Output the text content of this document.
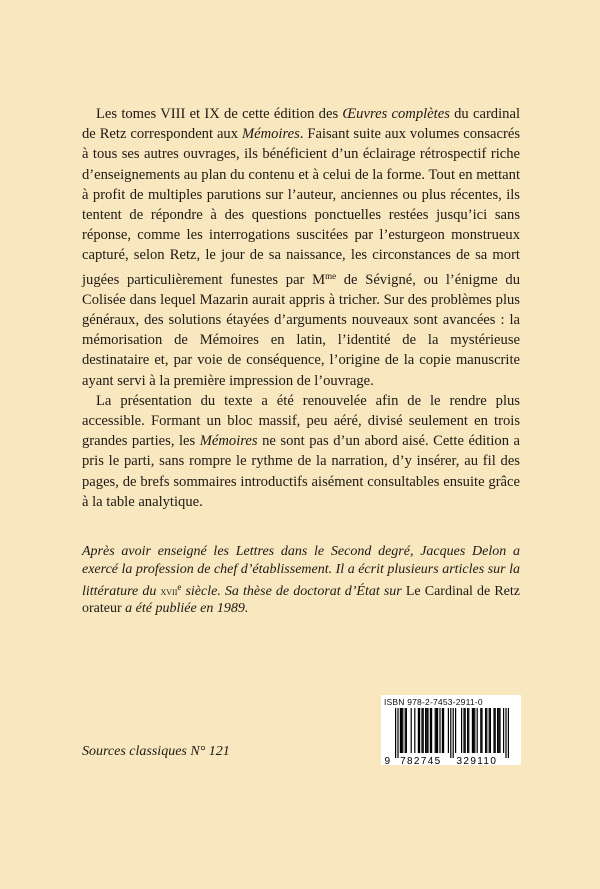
Les tomes VIII et IX de cette édition des Œuvres complètes du cardinal de Retz correspondent aux Mémoires. Faisant suite aux volumes consacrés à tous ses autres ouvrages, ils bénéficient d’un éclairage rétrospectif riche d’enseignements au plan du contenu et à celui de la forme. Tout en mettant à profit de multiples parutions sur l’auteur, anciennes ou plus récentes, ils tentent de répondre à des questions ponctuelles restées jusqu’ici sans réponse, comme les interrogations suscitées par l’esturgeon monstrueux capturé, selon Retz, le jour de sa naissance, les circonstances de sa mort jugées particulièrement funestes par $M^{me}$ de Sévigné, ou l’énigme du Colisée dans lequel Mazarin aurait appris à tricher. Sur des problèmes plus généraux, des solutions étayées d’arguments nouveaux sont avancées : la mémorisation de Mémoires en latin, l’identité de la mystérieuse destinataire et, par voie de conséquence, l’origine de la copie manuscrite ayant servi à la première impression de l’ouvrage.

La présentation du texte a été renouvelée afin de le rendre plus accessible. Formant un bloc massif, peu aéré, divisé seulement en trois grandes parties, les Mémoires ne sont pas d’un abord aisé. Cette édition a pris le parti, sans rompre le rythme de la narration, d’y insérer, au fil des pages, de brefs sommaires introductifs aisément consultables ensuite grâce à la table analytique.

Après avoir enseigné les Lettres dans le Second degré, Jacques Delon a exercé la profession de chef d’établissement. Il a écrit plusieurs articles sur la littérature du xvii$^e$ siècle. Sa thèse de doctorat d’État sur Le Cardinal de Retz orateur a été publiée en 1989.

Sources classiques N° 121
ISBN 978-2-7453-2911-0
9 782745 329110
